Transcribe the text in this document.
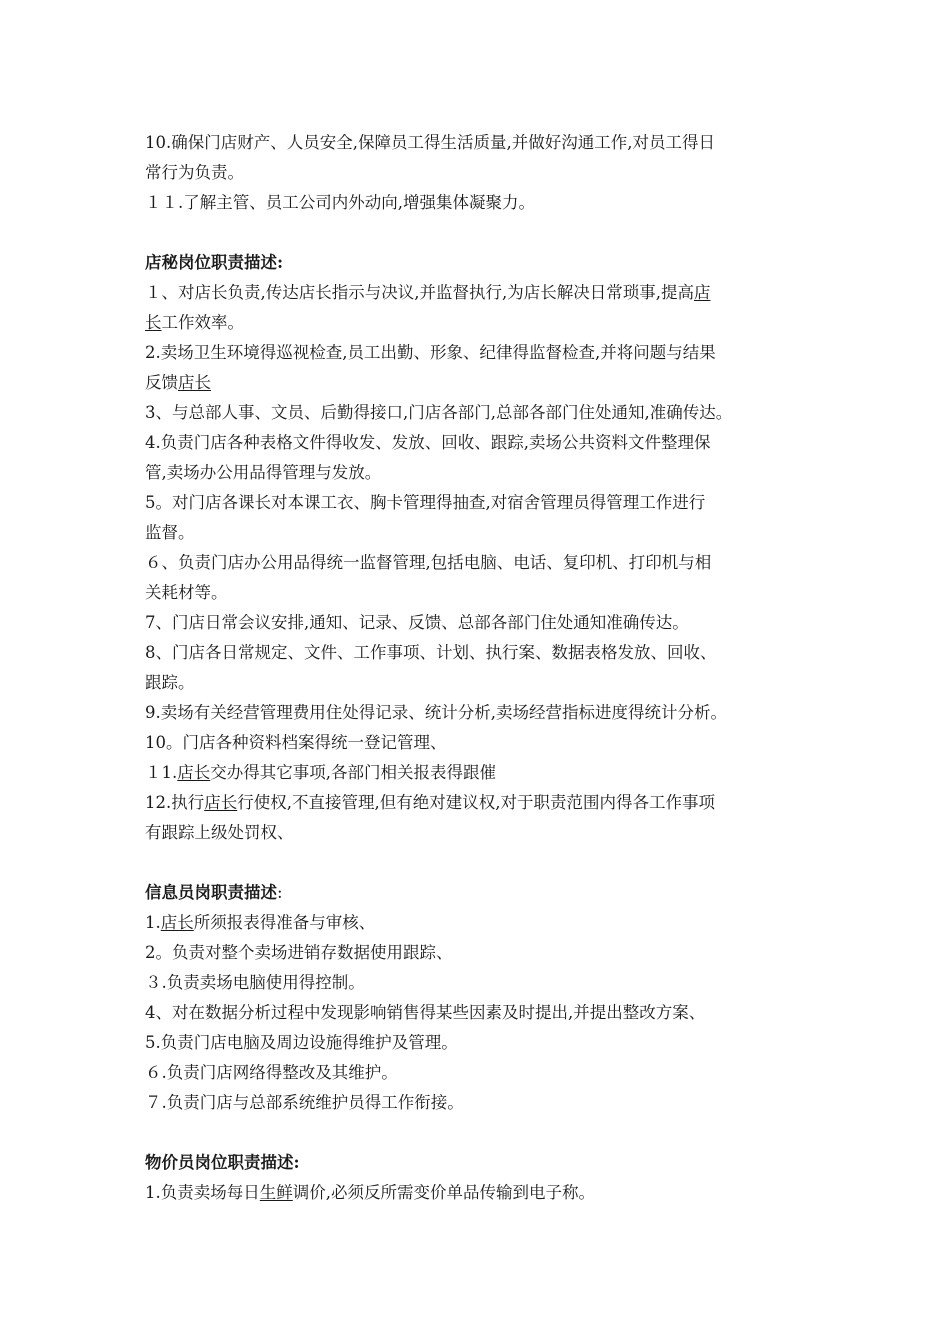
10.确保门店财产、人员安全,保障员工得生活质量,并做好沟通工作,对员工得日
常行为负责。
１１.了解主管、员工公司内外动向,增强集体凝聚力。
店秘岗位职责描述:
１、对店长负责,传达店长指示与决议,并监督执行,为店长解决日常琐事,提高店
长工作效率。
2.卖场卫生环境得巡视检查,员工出勤、形象、纪律得监督检查,并将问题与结果
反馈店长
3、与总部人事、文员、后勤得接口,门店各部门,总部各部门住处通知,准确传达。
4.负责门店各种表格文件得收发、发放、回收、跟踪,卖场公共资料文件整理保
管,卖场办公用品得管理与发放。
5。对门店各课长对本课工衣、胸卡管理得抽查,对宿舍管理员得管理工作进行
监督。
６、负责门店办公用品得统一监督管理,包括电脑、电话、复印机、打印机与相
关耗材等。
7、门店日常会议安排,通知、记录、反馈、总部各部门住处通知准确传达。
8、门店各日常规定、文件、工作事项、计划、执行案、数据表格发放、回收、
跟踪。
9.卖场有关经营管理费用住处得记录、统计分析,卖场经营指标进度得统计分析。
10。门店各种资料档案得统一登记管理、
１1.店长交办得其它事项,各部门相关报表得跟催
12.执行店长行使权,不直接管理,但有绝对建议权,对于职责范围内得各工作事项
有跟踪上级处罚权、
信息员岗职责描述:
1.店长所须报表得准备与审核、
2。负责对整个卖场进销存数据使用跟踪、
３.负责卖场电脑使用得控制。
4、对在数据分析过程中发现影响销售得某些因素及时提出,并提出整改方案、
5.负责门店电脑及周边设施得维护及管理。
６.负责门店网络得整改及其维护。
７.负责门店与总部系统维护员得工作衔接。
物价员岗位职责描述:
1.负责卖场每日生鲜调价,必须反所需变价单品传输到电子称。
